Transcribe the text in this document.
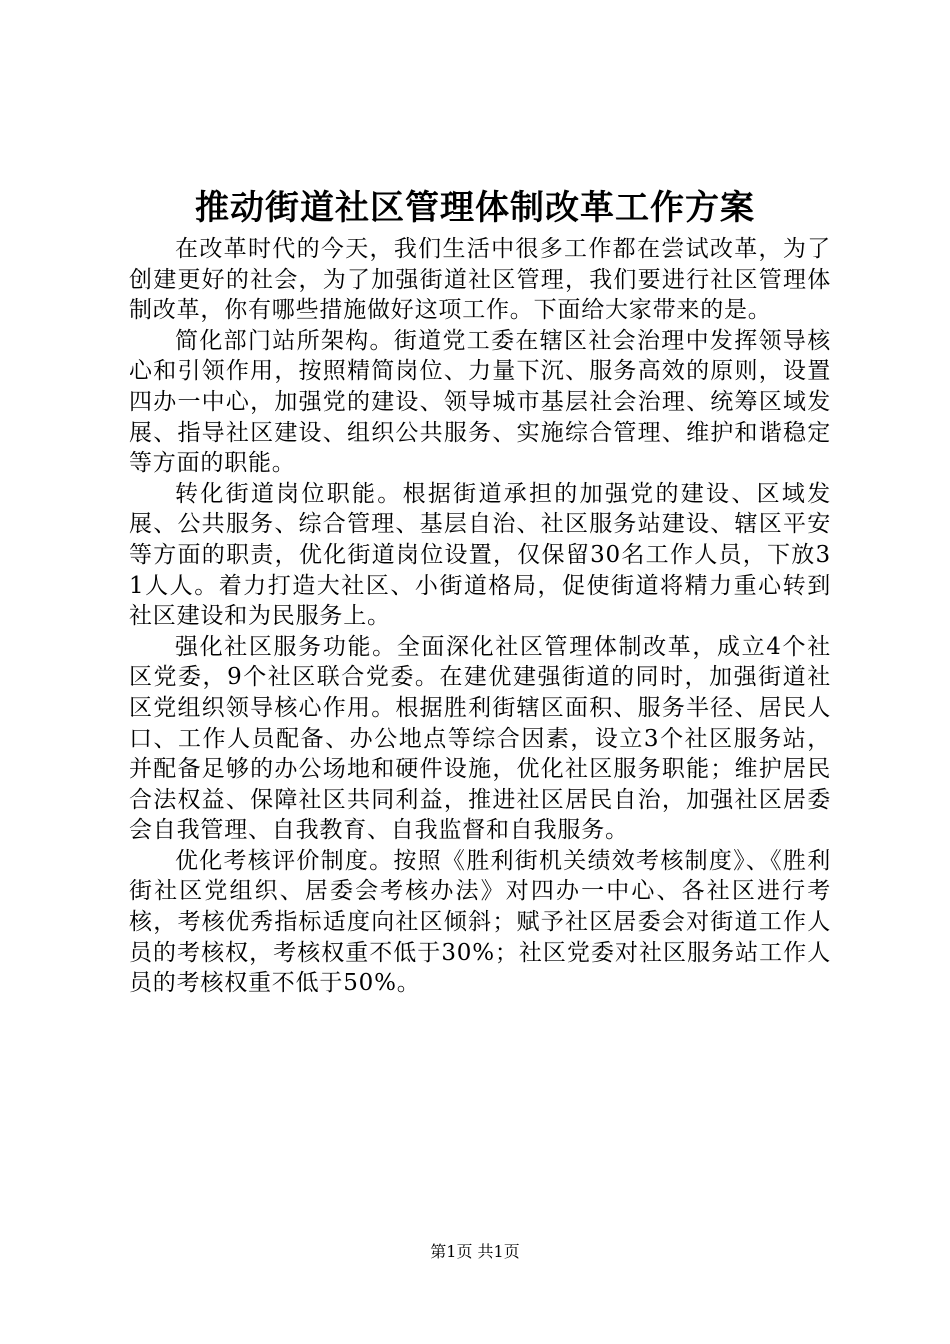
推动街道社区管理体制改革工作方案

在改革时代的今天，我们生活中很多工作都在尝试改革，为了创建更好的社会，为了加强街道社区管理，我们要进行社区管理体制改革，你有哪些措施做好这项工作。下面给大家带来的是。

简化部门站所架构。街道党工委在辖区社会治理中发挥领导核心和引领作用，按照精简岗位、力量下沉、服务高效的原则，设置四办一中心，加强党的建设、领导城市基层社会治理、统筹区域发展、指导社区建设、组织公共服务、实施综合管理、维护和谐稳定等方面的职能。

转化街道岗位职能。根据街道承担的加强党的建设、区域发展、公共服务、综合管理、基层自治、社区服务站建设、辖区平安等方面的职责，优化街道岗位设置，仅保留30名工作人员，下放31人人。着力打造大社区、小街道格局，促使街道将精力重心转到社区建设和为民服务上。

强化社区服务功能。全面深化社区管理体制改革，成立4个社区党委，9个社区联合党委。在建优建强街道的同时，加强街道社区党组织领导核心作用。根据胜利街辖区面积、服务半径、居民人口、工作人员配备、办公地点等综合因素，设立3个社区服务站，并配备足够的办公场地和硬件设施，优化社区服务职能；维护居民合法权益、保障社区共同利益，推进社区居民自治，加强社区居委会自我管理、自我教育、自我监督和自我服务。

优化考核评价制度。按照《胜利街机关绩效考核制度》、《胜利街社区党组织、居委会考核办法》对四办一中心、各社区进行考核，考核优秀指标适度向社区倾斜；赋予社区居委会对街道工作人员的考核权，考核权重不低于30%；社区党委对社区服务站工作人员的考核权重不低于50%。

第1页 共1页
